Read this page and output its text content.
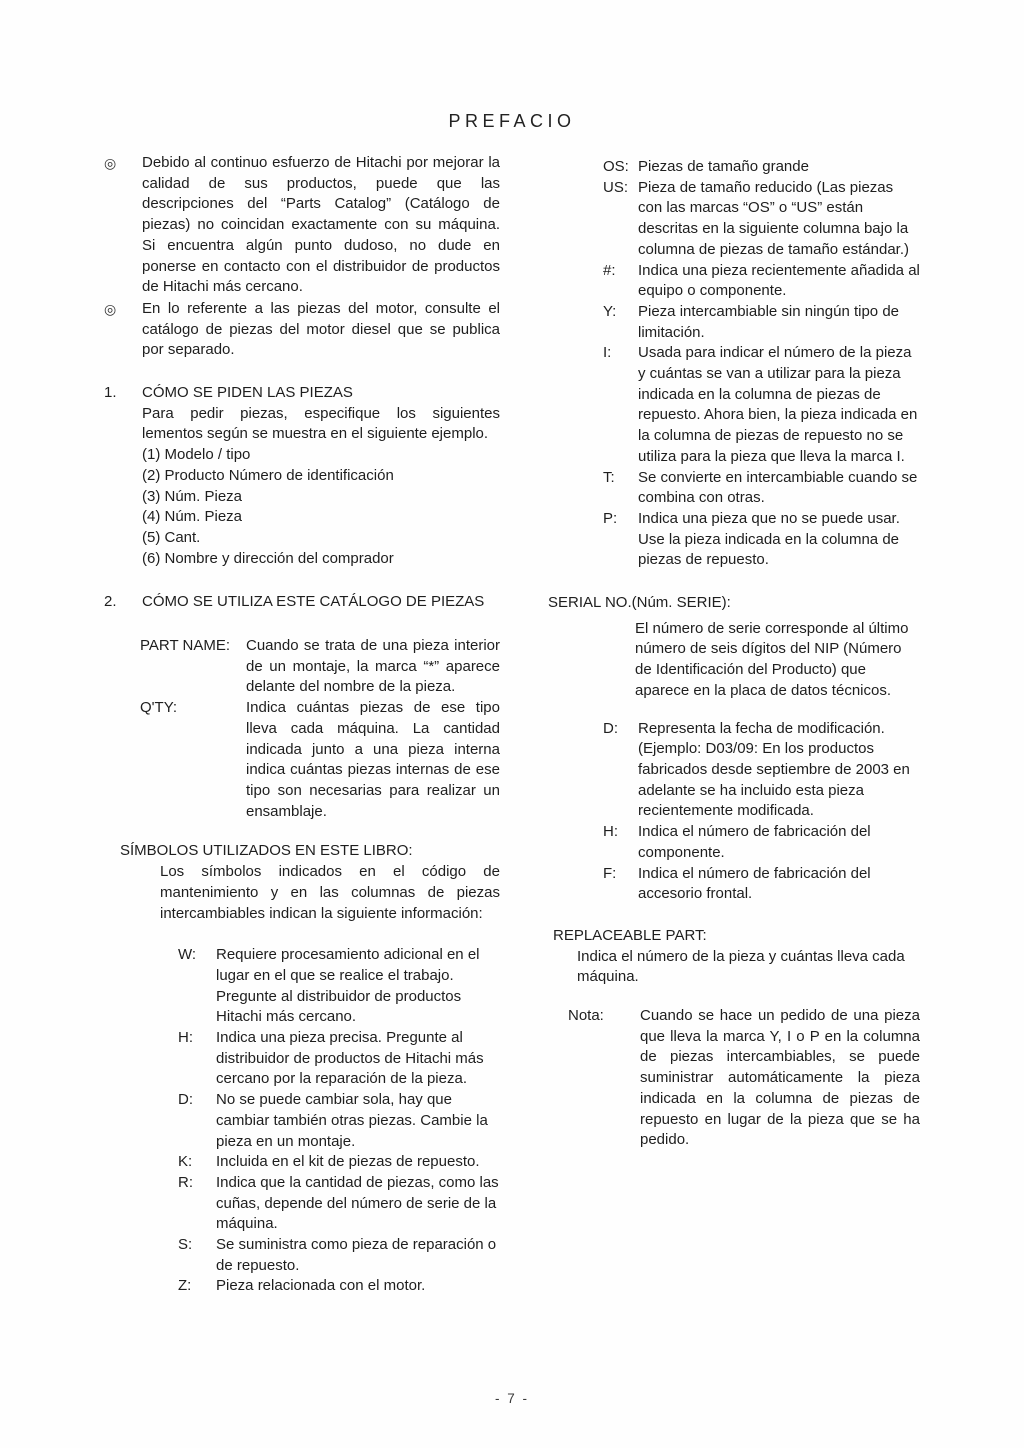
PREFACIO
◎	Debido al continuo esfuerzo de Hitachi por mejorar la calidad de sus productos, puede que las descripciones del “Parts Catalog” (Catálogo de piezas) no coincidan exactamente con su máquina. Si encuentra algún punto dudoso, no dude en ponerse en contacto con el distribuidor de productos de Hitachi más cercano.

◎	En lo referente a las piezas del motor, consulte el catálogo de piezas del motor diesel que se publica por separado.

1.	CÓMO SE PIDEN LAS PIEZAS

Para pedir piezas, especifique los siguientes lementos según se muestra en el siguiente ejemplo.

(1) Modelo / tipo
(2) Producto Número de identificación
(3) Núm. Pieza
(4) Núm. Pieza
(5) Cant.
(6) Nombre y dirección del comprador
2.	CÓMO SE UTILIZA ESTE CATÁLOGO DE PIEZAS
PART NAME:	Cuando se trata de una pieza interior de un montaje, la marca “*” aparece delante del nombre de la pieza.

Q'TY:	Indica cuántas piezas de ese tipo lleva cada máquina. La cantidad indicada junto a una pieza interna indica cuántas piezas internas de ese tipo son necesarias para realizar un ensamblaje.

SÍMBOLOS UTILIZADOS EN ESTE LIBRO:

Los símbolos indicados en el código de mantenimiento y en las columnas de piezas intercambiables indican la siguiente información:

W:	Requiere procesamiento adicional en el lugar en el que se realice el trabajo. Pregunte al distribuidor de productos Hitachi más cercano.

H:	Indica una pieza precisa. Pregunte al distribuidor de productos de Hitachi más cercano por la reparación de la pieza.

D:	No se puede cambiar sola, hay que cambiar también otras piezas. Cambie la pieza en un montaje.

K:	Incluida en el kit de piezas de repuesto.

R:	Indica que la cantidad de piezas, como las cuñas, depende del número de serie de la máquina.

S:	Se suministra como pieza de reparación o de repuesto.

Z:	Pieza relacionada con el motor.

OS: Piezas de tamaño grande

US: Pieza de tamaño reducido (Las piezas con las marcas “OS” o “US” están descritas en la siguiente columna bajo la columna de piezas de tamaño estándar.)

#:	Indica una pieza recientemente añadida al equipo o componente.

Y:	Pieza intercambiable sin ningún tipo de limitación.

I:	Usada para indicar el número de la pieza y cuántas se van a utilizar para la pieza indicada en la columna de piezas de repuesto. Ahora bien, la pieza indicada en la columna de piezas de repuesto no se utiliza para la pieza que lleva la marca I.

T:	Se convierte en intercambiable cuando se combina con otras.

P:	Indica una pieza que no se puede usar. Use la pieza indicada en la columna de piezas de repuesto.

SERIAL NO.(Núm. SERIE):

El número de serie corresponde al último número de seis dígitos del NIP (Número de Identificación del Producto) que aparece en la placa de datos técnicos.

D:	Representa la fecha de modificación. (Ejemplo: D03/09: En los productos fabricados desde septiembre de 2003 en adelante se ha incluido esta pieza recientemente modificada.

H:	Indica el número de fabricación del componente.

F:	Indica el número de fabricación del accesorio frontal.

REPLACEABLE PART:

Indica el número de la pieza y cuántas lleva cada máquina.

Nota:	Cuando se hace un pedido de una pieza que lleva la marca Y, I o P en la columna de piezas intercambiables, se puede suministrar automáticamente la pieza indicada en la columna de piezas de repuesto en lugar de la pieza que se ha pedido.

- 7 -
